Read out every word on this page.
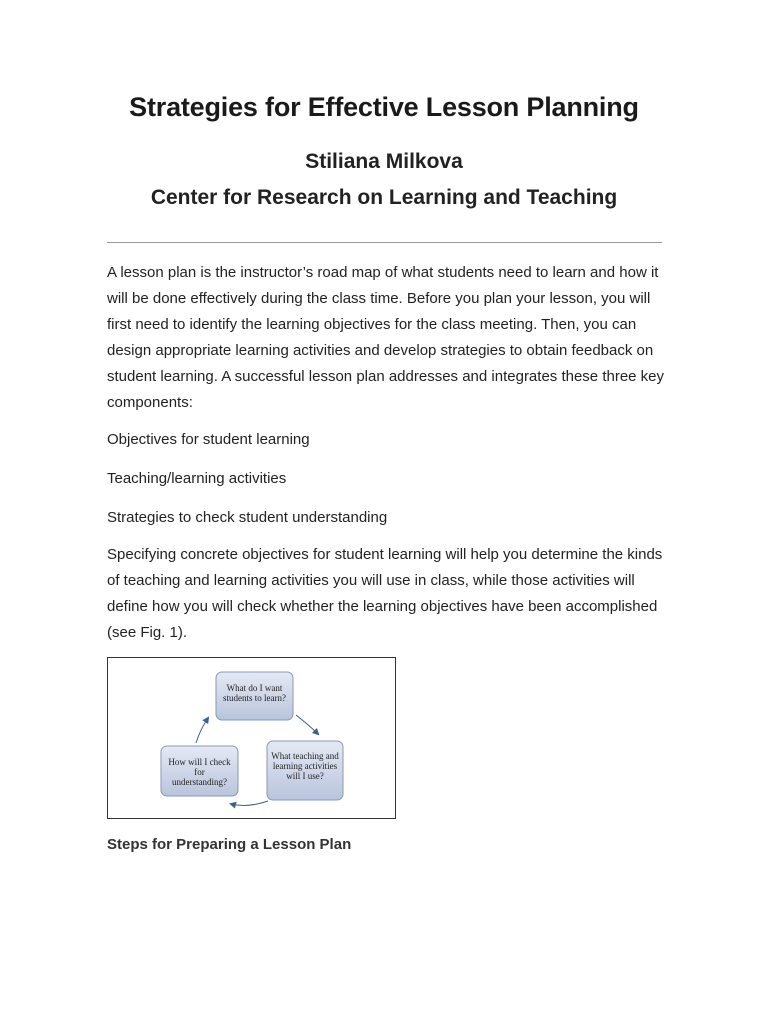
Strategies for Effective Lesson Planning
Stiliana Milkova
Center for Research on Learning and Teaching

A lesson plan is the instructor’s road map of what students need to learn and how it will be done effectively during the class time. Before you plan your lesson, you will first need to identify the learning objectives for the class meeting. Then, you can design appropriate learning activities and develop strategies to obtain feedback on student learning. A successful lesson plan addresses and integrates these three key components:

Objectives for student learning

Teaching/learning activities

Strategies to check student understanding

Specifying concrete objectives for student learning will help you determine the kinds of teaching and learning activities you will use in class, while those activities will define how you will check whether the learning objectives have been accomplished (see Fig. 1).

What do I want students to learn?

What teaching and learning activities will I use?

How will I check for understanding?

Steps for Preparing a Lesson Plan
